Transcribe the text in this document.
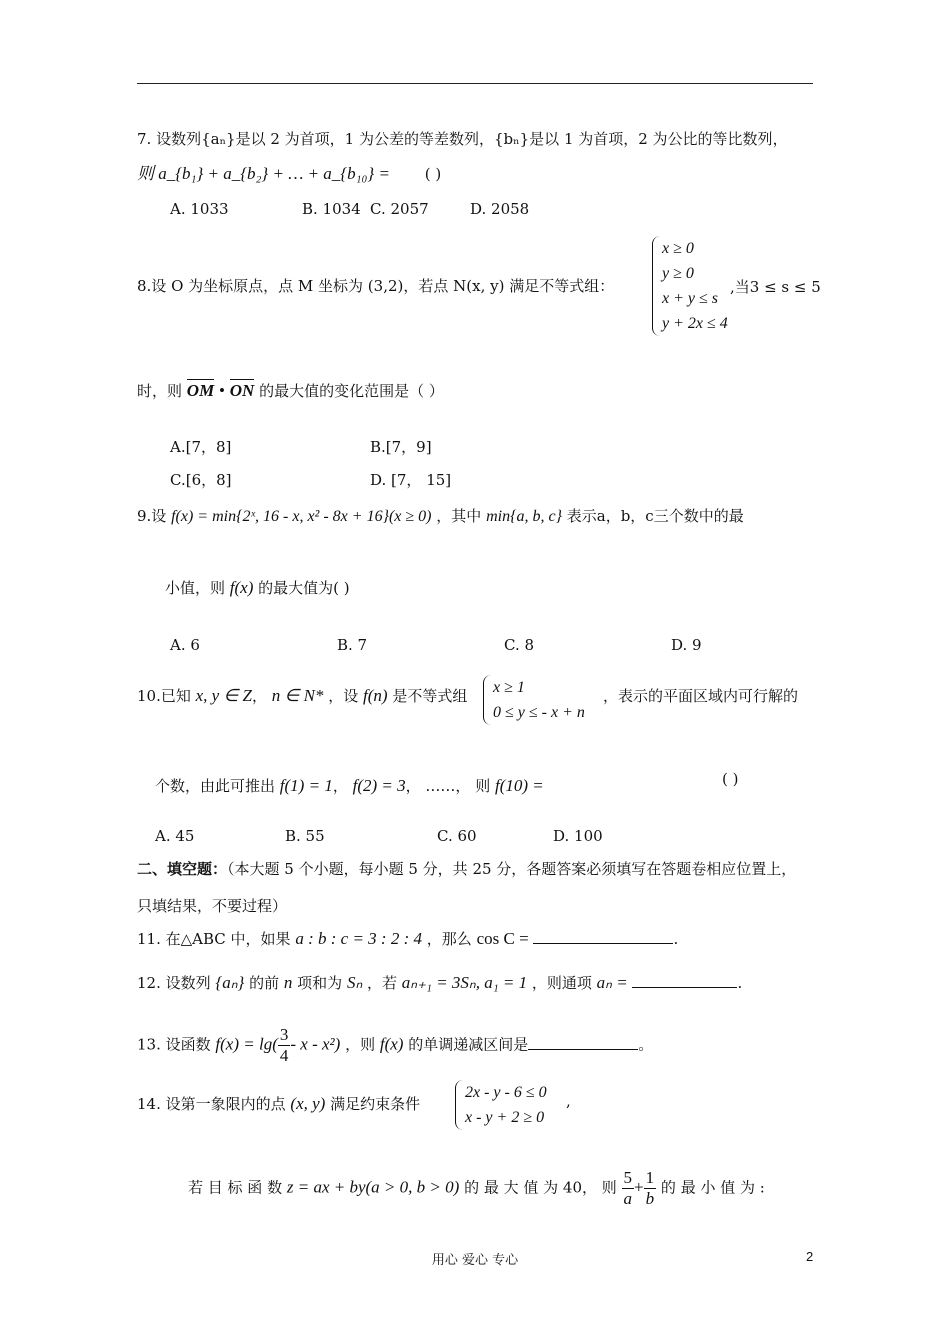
7. 设数列{aₙ}是以 2 为首项，1 为公差的等差数列，{bₙ}是以 1 为首项，2 为公比的等比数列，
则 a_{b₁} + a_{b₂} + … + a_{b₁₀} = ( )
A. 1033	B. 1034 C. 2057	D. 2058
8.设 O 为坐标原点，点 M 坐标为 (3,2)，若点 N(x, y) 满足不等式组：
x ≥ 0
y ≥ 0
x + y ≤ s
y + 2x ≤ 4
,当3 ≤ s ≤ 5
时，则 OM • ON 的最大值的变化范围是（ ）
A.[7，8]	B.[7，9]
C.[6，8]	D. [7， 15]
9.设 f(x) = min{2ˣ, 16 - x, x² - 8x + 16}(x ≥ 0) ，其中 min{a, b, c} 表示a，b，c三个数中的最
小值，则 f(x) 的最大值为( )
A. 6	B. 7	C. 8	D. 9
10.已知 x, y ∈ Z， n ∈ N* ，设 f(n) 是不等式组	x ≥ 1
0 ≤ y ≤ - x + n
，表示的平面区域内可行解的
个数，由此可推出 f(1) = 1， f(2) = 3， ……， 则 f(10) =	( )
A. 45	B. 55	C. 60	D. 100
二、填空题：（本大题 5 个小题，每小题 5 分，共 25 分，各题答案必须填写在答题卷相应位置上，
只填结果，不要过程）
11. 在△ABC 中，如果 a : b : c = 3 : 2 : 4 ，那么 cos C =	.
12. 设数列 {aₙ} 的前 n 项和为 Sₙ ，若 aₙ₊₁ = 3Sₙ, a₁ = 1 ，则通项 aₙ =	.
13. 设函数 $f(x) = \lg( \frac{3}{4} - x - x^2)$ ，则 f(x) 的单调递减区间是	。
14. 设第一象限内的点 (x, y) 满足约束条件
2x - y - 6 ≤ 0
x - y + 2 ≥ 0
,
若 目 标 函 数 z = ax + by(a > 0, b > 0) 的 最 大 值 为 40， 则 $\frac{5}{a} + \frac{1}{b}$ 的 最 小 值 为 :
用心 爱心 专心	2
